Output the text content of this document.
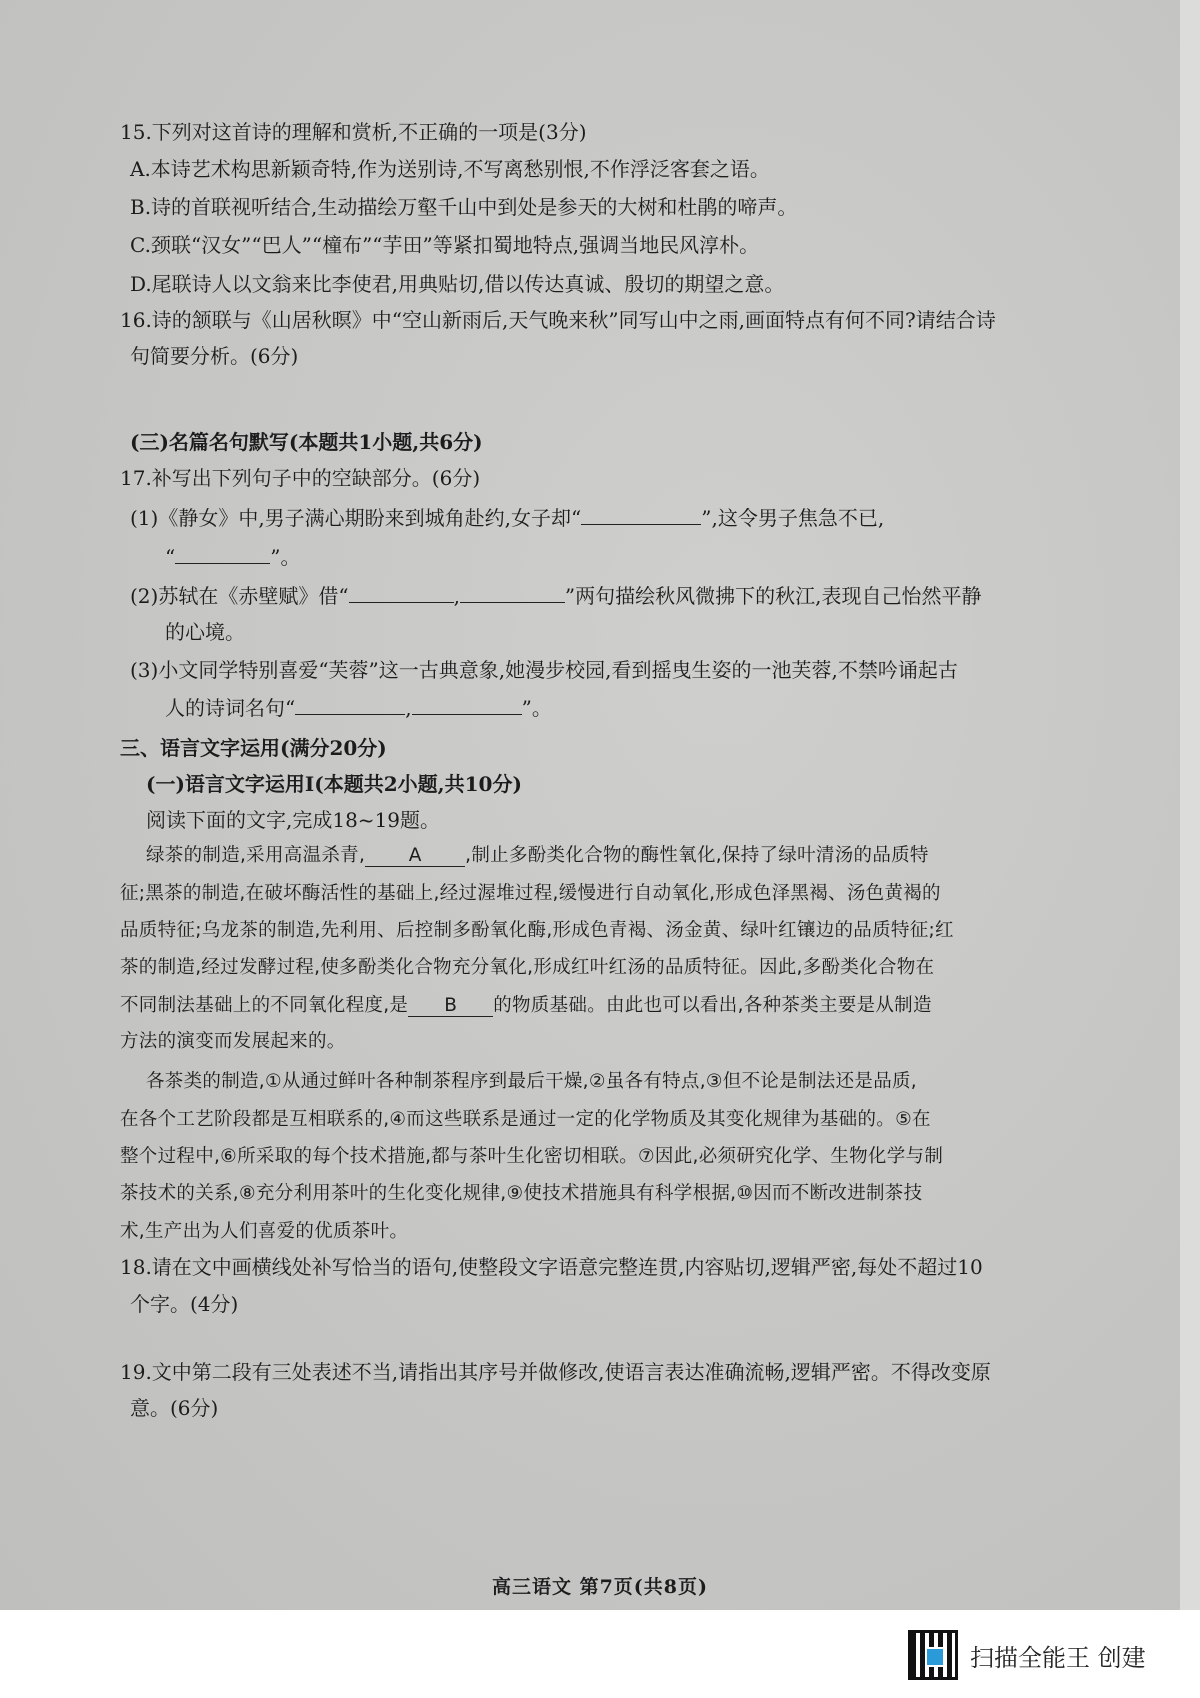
15.下列对这首诗的理解和赏析,不正确的一项是(3分)
A.本诗艺术构思新颖奇特,作为送别诗,不写离愁别恨,不作浮泛客套之语。
B.诗的首联视听结合,生动描绘万壑千山中到处是参天的大树和杜鹃的啼声。
C.颈联“汉女”“巴人”“橦布”“芋田”等紧扣蜀地特点,强调当地民风淳朴。
D.尾联诗人以文翁来比李使君,用典贴切,借以传达真诚、殷切的期望之意。
16.诗的颔联与《山居秋暝》中“空山新雨后,天气晚来秋”同写山中之雨,画面特点有何不同?请结合诗
句简要分析。(6分)
(三)名篇名句默写(本题共1小题,共6分)
17.补写出下列句子中的空缺部分。(6分)
(1)《静女》中,男子满心期盼来到城角赴约,女子却“	”,这令男子焦急不已,
“	”。
(2)苏轼在《赤壁赋》借“	,	”两句描绘秋风微拂下的秋江,表现自己怡然平静
的心境。
(3)小文同学特别喜爱“芙蓉”这一古典意象,她漫步校园,看到摇曳生姿的一池芙蓉,不禁吟诵起古
人的诗词名句“	,	”。
三、语言文字运用(满分20分)
(一)语言文字运用Ⅰ(本题共2小题,共10分)
阅读下面的文字,完成18~19题。
绿茶的制造,采用高温杀青, A ,制止多酚类化合物的酶性氧化,保持了绿叶清汤的品质特
征;黑茶的制造,在破坏酶活性的基础上,经过渥堆过程,缓慢进行自动氧化,形成色泽黑褐、汤色黄褐的
品质特征;乌龙茶的制造,先利用、后控制多酚氧化酶,形成色青褐、汤金黄、绿叶红镶边的品质特征;红
茶的制造,经过发酵过程,使多酚类化合物充分氧化,形成红叶红汤的品质特征。因此,多酚类化合物在
不同制法基础上的不同氧化程度,是 B 的物质基础。由此也可以看出,各种茶类主要是从制造
方法的演变而发展起来的。
各茶类的制造,①从通过鲜叶各种制茶程序到最后干燥,②虽各有特点,③但不论是制法还是品质,
在各个工艺阶段都是互相联系的,④而这些联系是通过一定的化学物质及其变化规律为基础的。⑤在
整个过程中,⑥所采取的每个技术措施,都与茶叶生化密切相联。⑦因此,必须研究化学、生物化学与制
茶技术的关系,⑧充分利用茶叶的生化变化规律,⑨使技术措施具有科学根据,⑩因而不断改进制茶技
术,生产出为人们喜爱的优质茶叶。
18.请在文中画横线处补写恰当的语句,使整段文字语意完整连贯,内容贴切,逻辑严密,每处不超过10
个字。(4分)
19.文中第二段有三处表述不当,请指出其序号并做修改,使语言表达准确流畅,逻辑严密。不得改变原
意。(6分)
高三语文 第7页(共8页)
扫描全能王 创建
